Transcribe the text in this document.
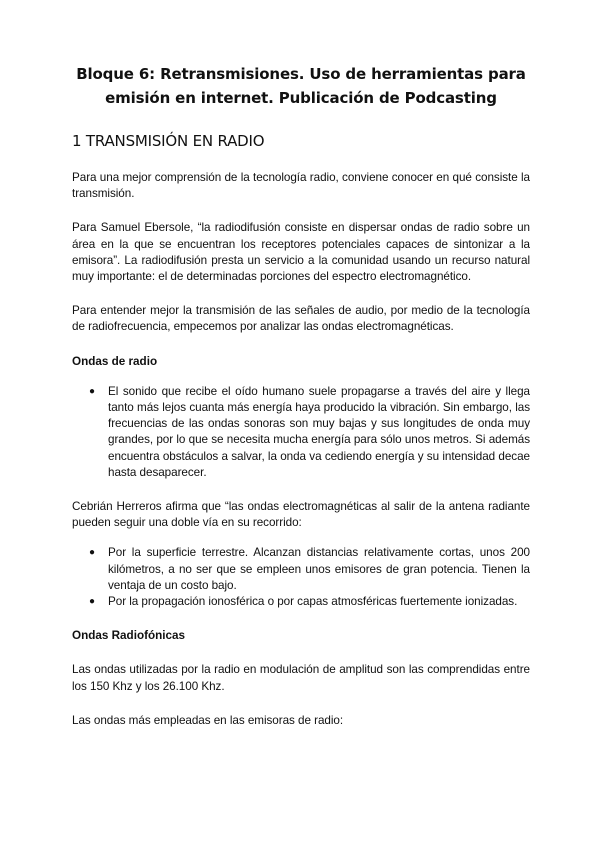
Bloque 6: Retransmisiones. Uso de herramientas para emisión en internet. Publicación de Podcasting
1 TRANSMISIÓN EN RADIO

Para una mejor comprensión de la tecnología radio, conviene conocer en qué consiste la transmisión.

Para Samuel Ebersole, “la radiodifusión consiste en dispersar ondas de radio sobre un área en la que se encuentran los receptores potenciales capaces de sintonizar a la emisora”. La radiodifusión presta un servicio a la comunidad usando un recurso natural muy importante: el de determinadas porciones del espectro electromagnético.

Para entender mejor la transmisión de las señales de audio, por medio de la tecnología de radiofrecuencia, empecemos por analizar las ondas electromagnéticas.

Ondas de radio
● El sonido que recibe el oído humano suele propagarse a través del aire y llega tanto más lejos cuanta más energía haya producido la vibración. Sin embargo, las frecuencias de las ondas sonoras son muy bajas y sus longitudes de onda muy grandes, por lo que se necesita mucha energía para sólo unos metros. Si además encuentra obstáculos a salvar, la onda va cediendo energía y su intensidad decae hasta desaparecer.

Cebrián Herreros afirma que “las ondas electromagnéticas al salir de la antena radiante pueden seguir una doble vía en su recorrido:

● Por la superficie terrestre. Alcanzan distancias relativamente cortas, unos 200 kilómetros, a no ser que se empleen unos emisores de gran potencia. Tienen la ventaja de un costo bajo.
● Por la propagación ionosférica o por capas atmosféricas fuertemente ionizadas.
Ondas Radiofónicas

Las ondas utilizadas por la radio en modulación de amplitud son las comprendidas entre los 150 Khz y los 26.100 Khz.

Las ondas más empleadas en las emisoras de radio:
